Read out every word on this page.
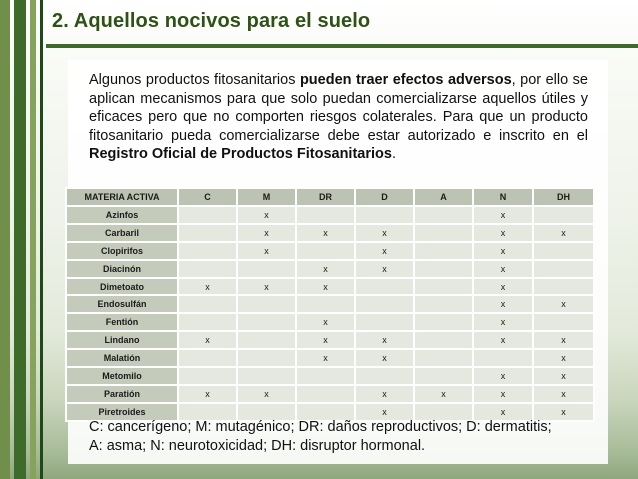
2. Aquellos nocivos para el suelo
Algunos productos fitosanitarios pueden traer efectos adversos, por ello se aplican mecanismos para que solo puedan comercializarse aquellos útiles y eficaces pero que no comporten riesgos colaterales. Para que un producto fitosanitario pueda comercializarse debe estar autorizado e inscrito en el Registro Oficial de Productos Fitosanitarios.
MATERIA ACTIVA	C	M	DR	D	A	N	DH
Azinfos		x				x	
Carbaril		x	x	x		x	x
Clopirifos		x		x		x	
Diacinón			x	x		x	
Dimetoato	x	x	x			x	
Endosulfán						x	x
Fentión			x			x	
Lindano	x		x	x		x	x
Malatión			x	x			x
Metomilo						x	x
Paratión	x	x		x	x	x	x
Piretroides				x		x	x
C: cancerígeno; M: mutagénico; DR: daños reproductivos; D: dermatitis;
A: asma; N: neurotoxicidad; DH: disruptor hormonal.
